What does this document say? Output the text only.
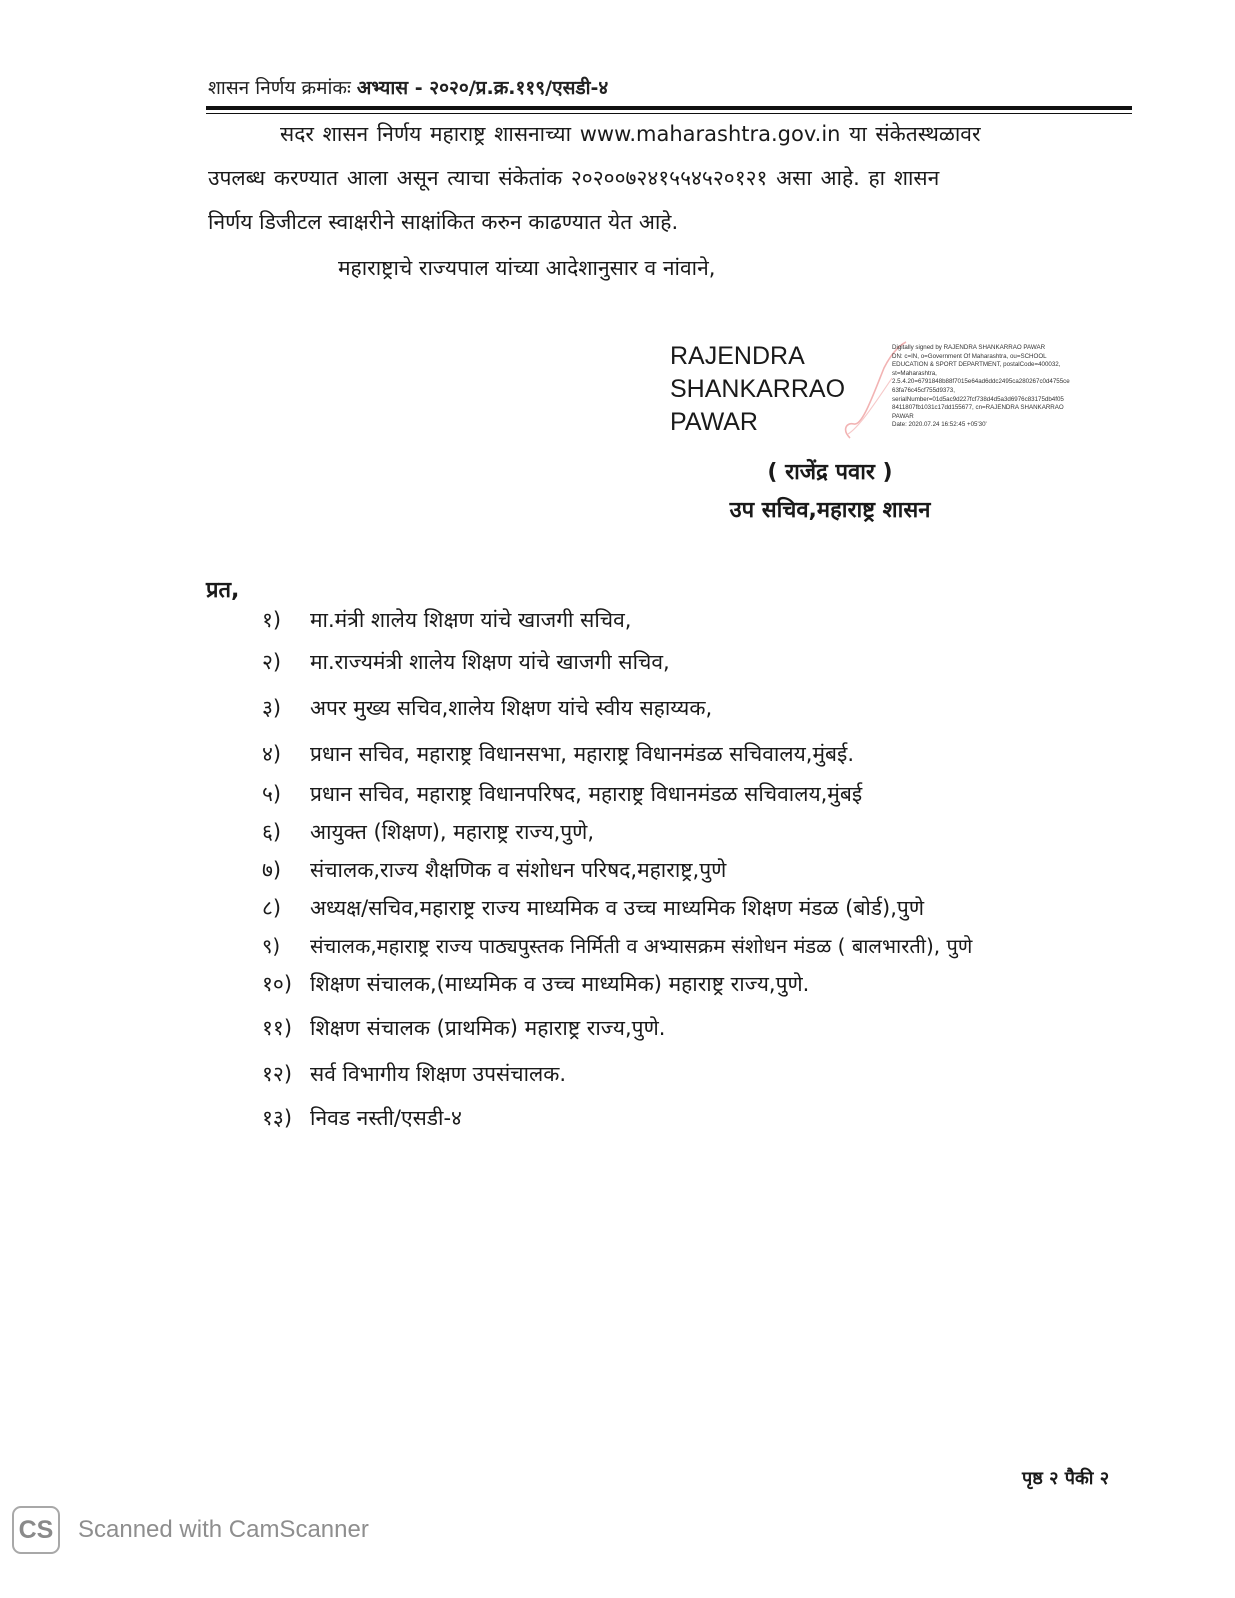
शासन निर्णय क्रमांकः अभ्यास - २०२०/प्र.क्र.११९/एसडी-४
सदर शासन निर्णय महाराष्ट्र शासनाच्या www.maharashtra.gov.in या संकेतस्थळावर
उपलब्ध करण्यात आला असून त्याचा संकेतांक २०२००७२४१५५४५२०१२१ असा आहे. हा शासन
निर्णय डिजीटल स्वाक्षरीने साक्षांकित करुन काढण्यात येत आहे.
महाराष्ट्राचे राज्यपाल यांच्या आदेशानुसार व नांवाने,
RAJENDRA
SHANKARRAO
PAWAR
Digitally signed by RAJENDRA SHANKARRAO PAWAR
DN: c=IN, o=Government Of Maharashtra, ou=SCHOOL
EDUCATION & SPORT DEPARTMENT, postalCode=400032,
st=Maharashtra,
2.5.4.20=6791848b88f7015e64ad6ddc2495ca280267c0d4755ce
63fa76c45cf755d9373,
serialNumber=01d5ac9d227fcf738d4d5a3d6976c83175db4f05
8411807fb1031c17dd155677, cn=RAJENDRA SHANKARRAO
PAWAR
Date: 2020.07.24 16:52:45 +05'30'
( राजेंद्र पवार )
उप सचिव,महाराष्ट्र शासन
प्रत,
१) मा.मंत्री शालेय शिक्षण यांचे खाजगी सचिव,
२) मा.राज्यमंत्री शालेय शिक्षण यांचे खाजगी सचिव,
३) अपर मुख्य सचिव,शालेय शिक्षण यांचे स्वीय सहाय्यक,
४) प्रधान सचिव, महाराष्ट्र विधानसभा, महाराष्ट्र विधानमंडळ सचिवालय,मुंबई.
५) प्रधान सचिव, महाराष्ट्र विधानपरिषद, महाराष्ट्र विधानमंडळ सचिवालय,मुंबई
६) आयुक्त (शिक्षण), महाराष्ट्र राज्य,पुणे,
७) संचालक,राज्य शैक्षणिक व संशोधन परिषद,महाराष्ट्र,पुणे
८) अध्यक्ष/सचिव,महाराष्ट्र राज्य माध्यमिक व उच्च माध्यमिक शिक्षण मंडळ (बोर्ड),पुणे
९) संचालक,महाराष्ट्र राज्य पाठ्यपुस्तक निर्मिती व अभ्यासक्रम संशोधन मंडळ ( बालभारती), पुणे
१०) शिक्षण संचालक,(माध्यमिक व उच्च माध्यमिक) महाराष्ट्र राज्य,पुणे.
११) शिक्षण संचालक (प्राथमिक) महाराष्ट्र राज्य,पुणे.
१२) सर्व विभागीय शिक्षण उपसंचालक.
१३) निवड नस्ती/एसडी-४
पृष्ठ २ पैकी २
CS Scanned with CamScanner
